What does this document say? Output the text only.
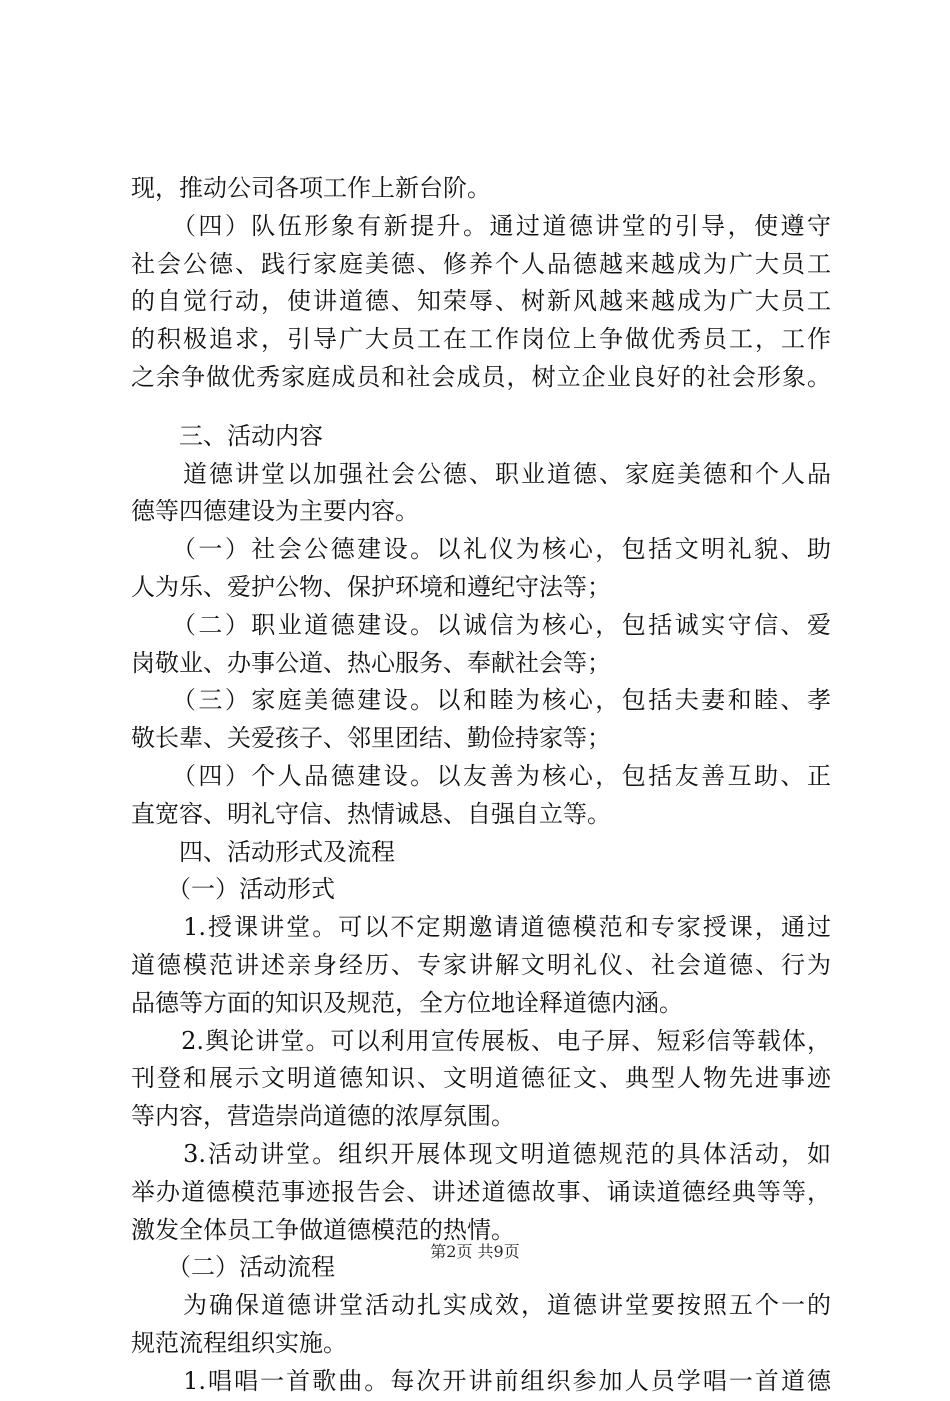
现，推动公司各项工作上新台阶。
　　（四）队伍形象有新提升。通过道德讲堂的引导，使遵守
社会公德、践行家庭美德、修养个人品德越来越成为广大员工
的自觉行动，使讲道德、知荣辱、树新风越来越成为广大员工
的积极追求，引导广大员工在工作岗位上争做优秀员工，工作
之余争做优秀家庭成员和社会成员，树立企业良好的社会形象。
　　三、活动内容
　　道德讲堂以加强社会公德、职业道德、家庭美德和个人品
德等四德建设为主要内容。
　　（一）社会公德建设。以礼仪为核心，包括文明礼貌、助
人为乐、爱护公物、保护环境和遵纪守法等；
　　（二）职业道德建设。以诚信为核心，包括诚实守信、爱
岗敬业、办事公道、热心服务、奉献社会等；
　　（三）家庭美德建设。以和睦为核心，包括夫妻和睦、孝
敬长辈、关爱孩子、邻里团结、勤俭持家等；
　　（四）个人品德建设。以友善为核心，包括友善互助、正
直宽容、明礼守信、热情诚恳、自强自立等。
　　四、活动形式及流程
　　（一）活动形式
　　1.授课讲堂。可以不定期邀请道德模范和专家授课，通过
道德模范讲述亲身经历、专家讲解文明礼仪、社会道德、行为
品德等方面的知识及规范，全方位地诠释道德内涵。
　　2.舆论讲堂。可以利用宣传展板、电子屏、短彩信等载体，
刊登和展示文明道德知识、文明道德征文、典型人物先进事迹
等内容，营造崇尚道德的浓厚氛围。
　　3.活动讲堂。组织开展体现文明道德规范的具体活动，如
举办道德模范事迹报告会、讲述道德故事、诵读道德经典等等，
激发全体员工争做道德模范的热情。
　　（二）活动流程
　　为确保道德讲堂活动扎实成效，道德讲堂要按照五个一的
规范流程组织实施。
　　1.唱唱一首歌曲。每次开讲前组织参加人员学唱一首道德
第2页 共9页
